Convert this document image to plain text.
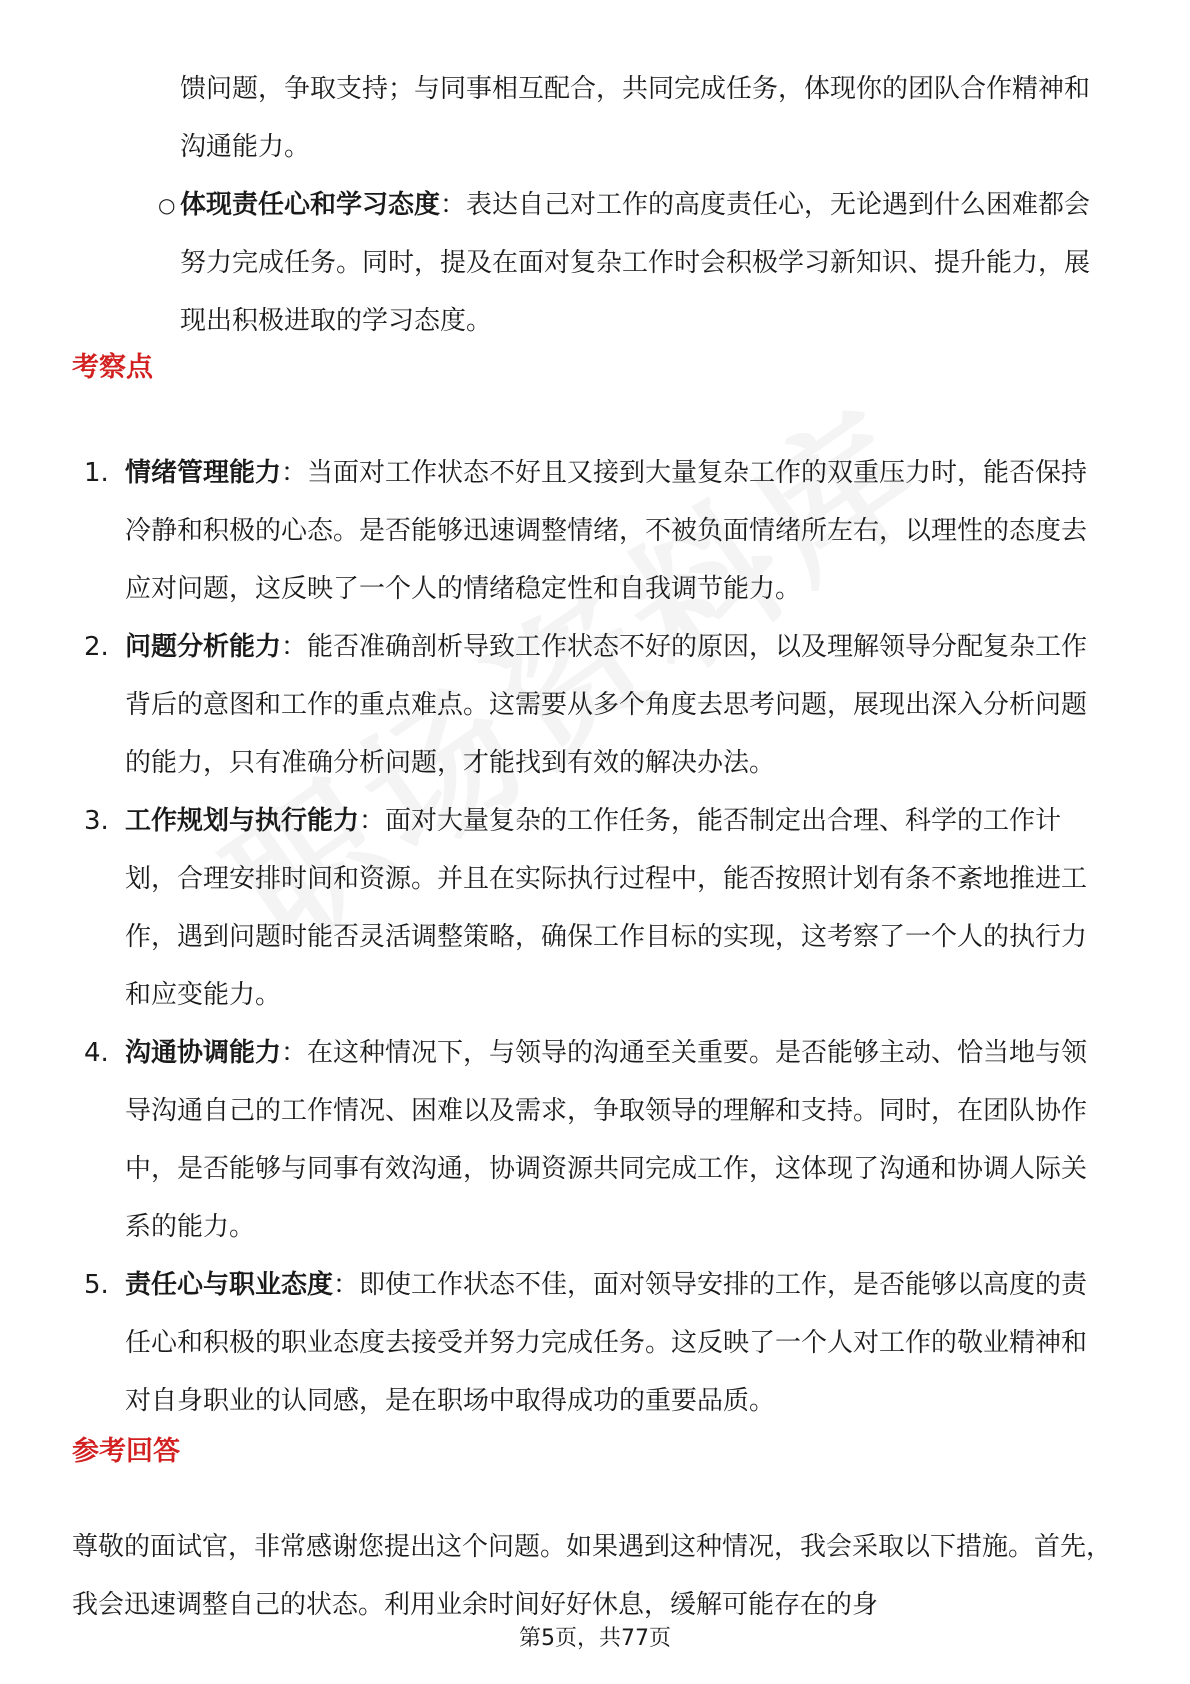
馈问题，争取支持；与同事相互配合，共同完成任务，体现你的团队合作精神和沟通能力。

○ 体现责任心和学习态度：表达自己对工作的高度责任心，无论遇到什么困难都会努力完成任务。同时，提及在面对复杂工作时会积极学习新知识、提升能力，展现出积极进取的学习态度。

考察点
1. 情绪管理能力：当面对工作状态不好且又接到大量复杂工作的双重压力时，能否保持冷静和积极的心态。是否能够迅速调整情绪，不被负面情绪所左右，以理性的态度去应对问题，这反映了一个人的情绪稳定性和自我调节能力。
2. 问题分析能力：能否准确剖析导致工作状态不好的原因，以及理解领导分配复杂工作背后的意图和工作的重点难点。这需要从多个角度去思考问题，展现出深入分析问题的能力，只有准确分析问题，才能找到有效的解决办法。
3. 工作规划与执行能力：面对大量复杂的工作任务，能否制定出合理、科学的工作计划，合理安排时间和资源。并且在实际执行过程中，能否按照计划有条不紊地推进工作，遇到问题时能否灵活调整策略，确保工作目标的实现，这考察了一个人的执行力和应变能力。
4. 沟通协调能力：在这种情况下，与领导的沟通至关重要。是否能够主动、恰当地与领导沟通自己的工作情况、困难以及需求，争取领导的理解和支持。同时，在团队协作中，是否能够与同事有效沟通，协调资源共同完成工作，这体现了沟通和协调人际关系的能力。
5. 责任心与职业态度：即使工作状态不佳，面对领导安排的工作，是否能够以高度的责任心和积极的职业态度去接受并努力完成任务。这反映了一个人对工作的敬业精神和对自身职业的认同感，是在职场中取得成功的重要品质。
参考回答

尊敬的面试官，非常感谢您提出这个问题。如果遇到这种情况，我会采取以下措施。首先，我会迅速调整自己的状态。利用业余时间好好休息，缓解可能存在的身

第5页，共77页
